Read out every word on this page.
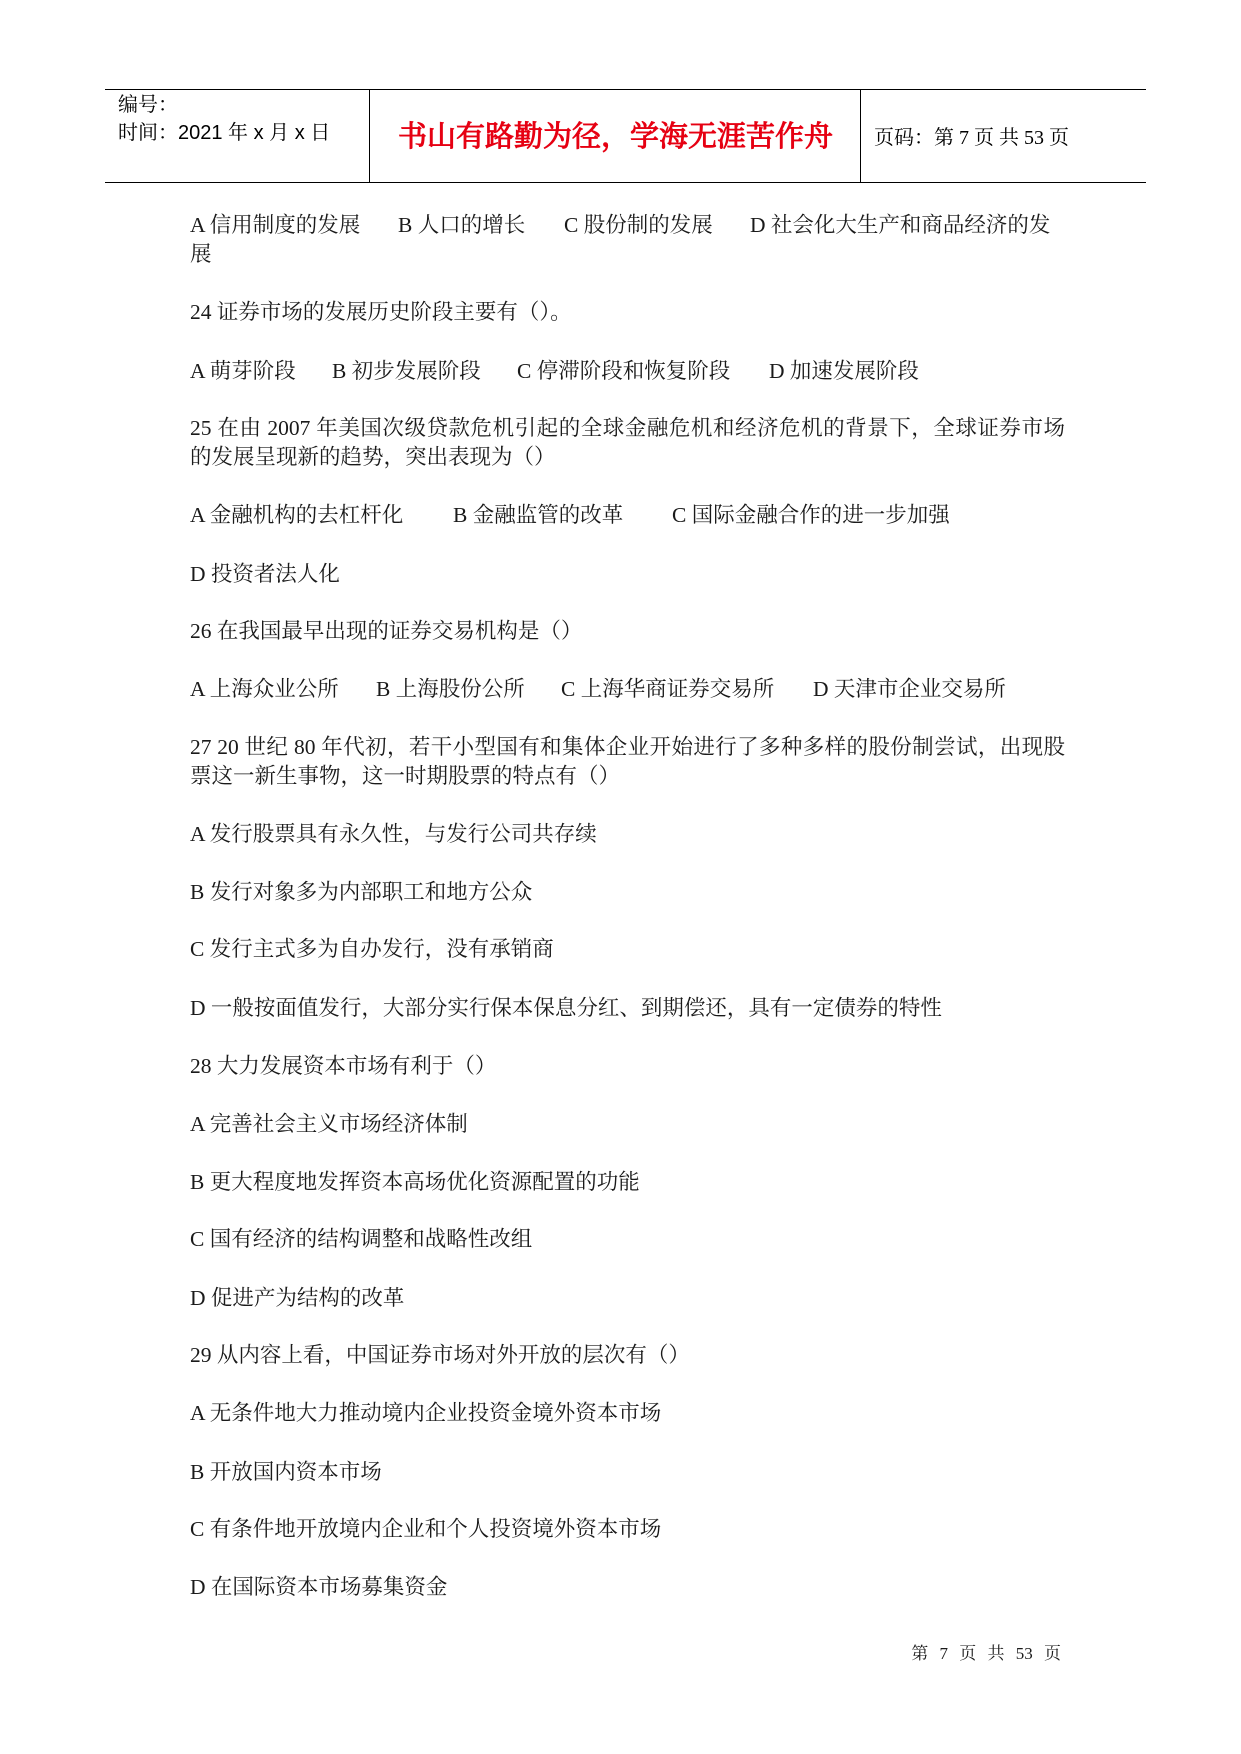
编号：
时间：2021 年 x 月 x 日	书山有路勤为径，学海无涯苦作舟	页码：第 7 页 共 53 页
A 信用制度的发展 B 人口的增长 C 股份制的发展	D 社会化大生产和商品经济的发展
24 证券市场的发展历史阶段主要有（）。
A 萌芽阶段 B 初步发展阶段 C 停滞阶段和恢复阶段 D 加速发展阶段
25 在由 2007 年美国次级贷款危机引起的全球金融危机和经济危机的背景下，全球证券市场的发展呈现新的趋势，突出表现为（）
A 金融机构的去杠杆化 B 金融监管的改革 C 国际金融合作的进一步加强
D 投资者法人化
26 在我国最早出现的证券交易机构是（）
A 上海众业公所 B 上海股份公所 C 上海华商证券交易所 D 天津市企业交易所
27 20 世纪 80 年代初，若干小型国有和集体企业开始进行了多种多样的股份制尝试，出现股票这一新生事物，这一时期股票的特点有（）
A 发行股票具有永久性，与发行公司共存续
B 发行对象多为内部职工和地方公众
C 发行主式多为自办发行，没有承销商
D 一般按面值发行，大部分实行保本保息分红、到期偿还，具有一定债券的特性
28 大力发展资本市场有利于（）
A 完善社会主义市场经济体制
B 更大程度地发挥资本高场优化资源配置的功能
C 国有经济的结构调整和战略性改组
D 促进产为结构的改革
29 从内容上看，中国证券市场对外开放的层次有（）
A 无条件地大力推动境内企业投资金境外资本市场
B 开放国内资本市场
C 有条件地开放境内企业和个人投资境外资本市场
D 在国际资本市场募集资金
第 7 页 共 53 页
